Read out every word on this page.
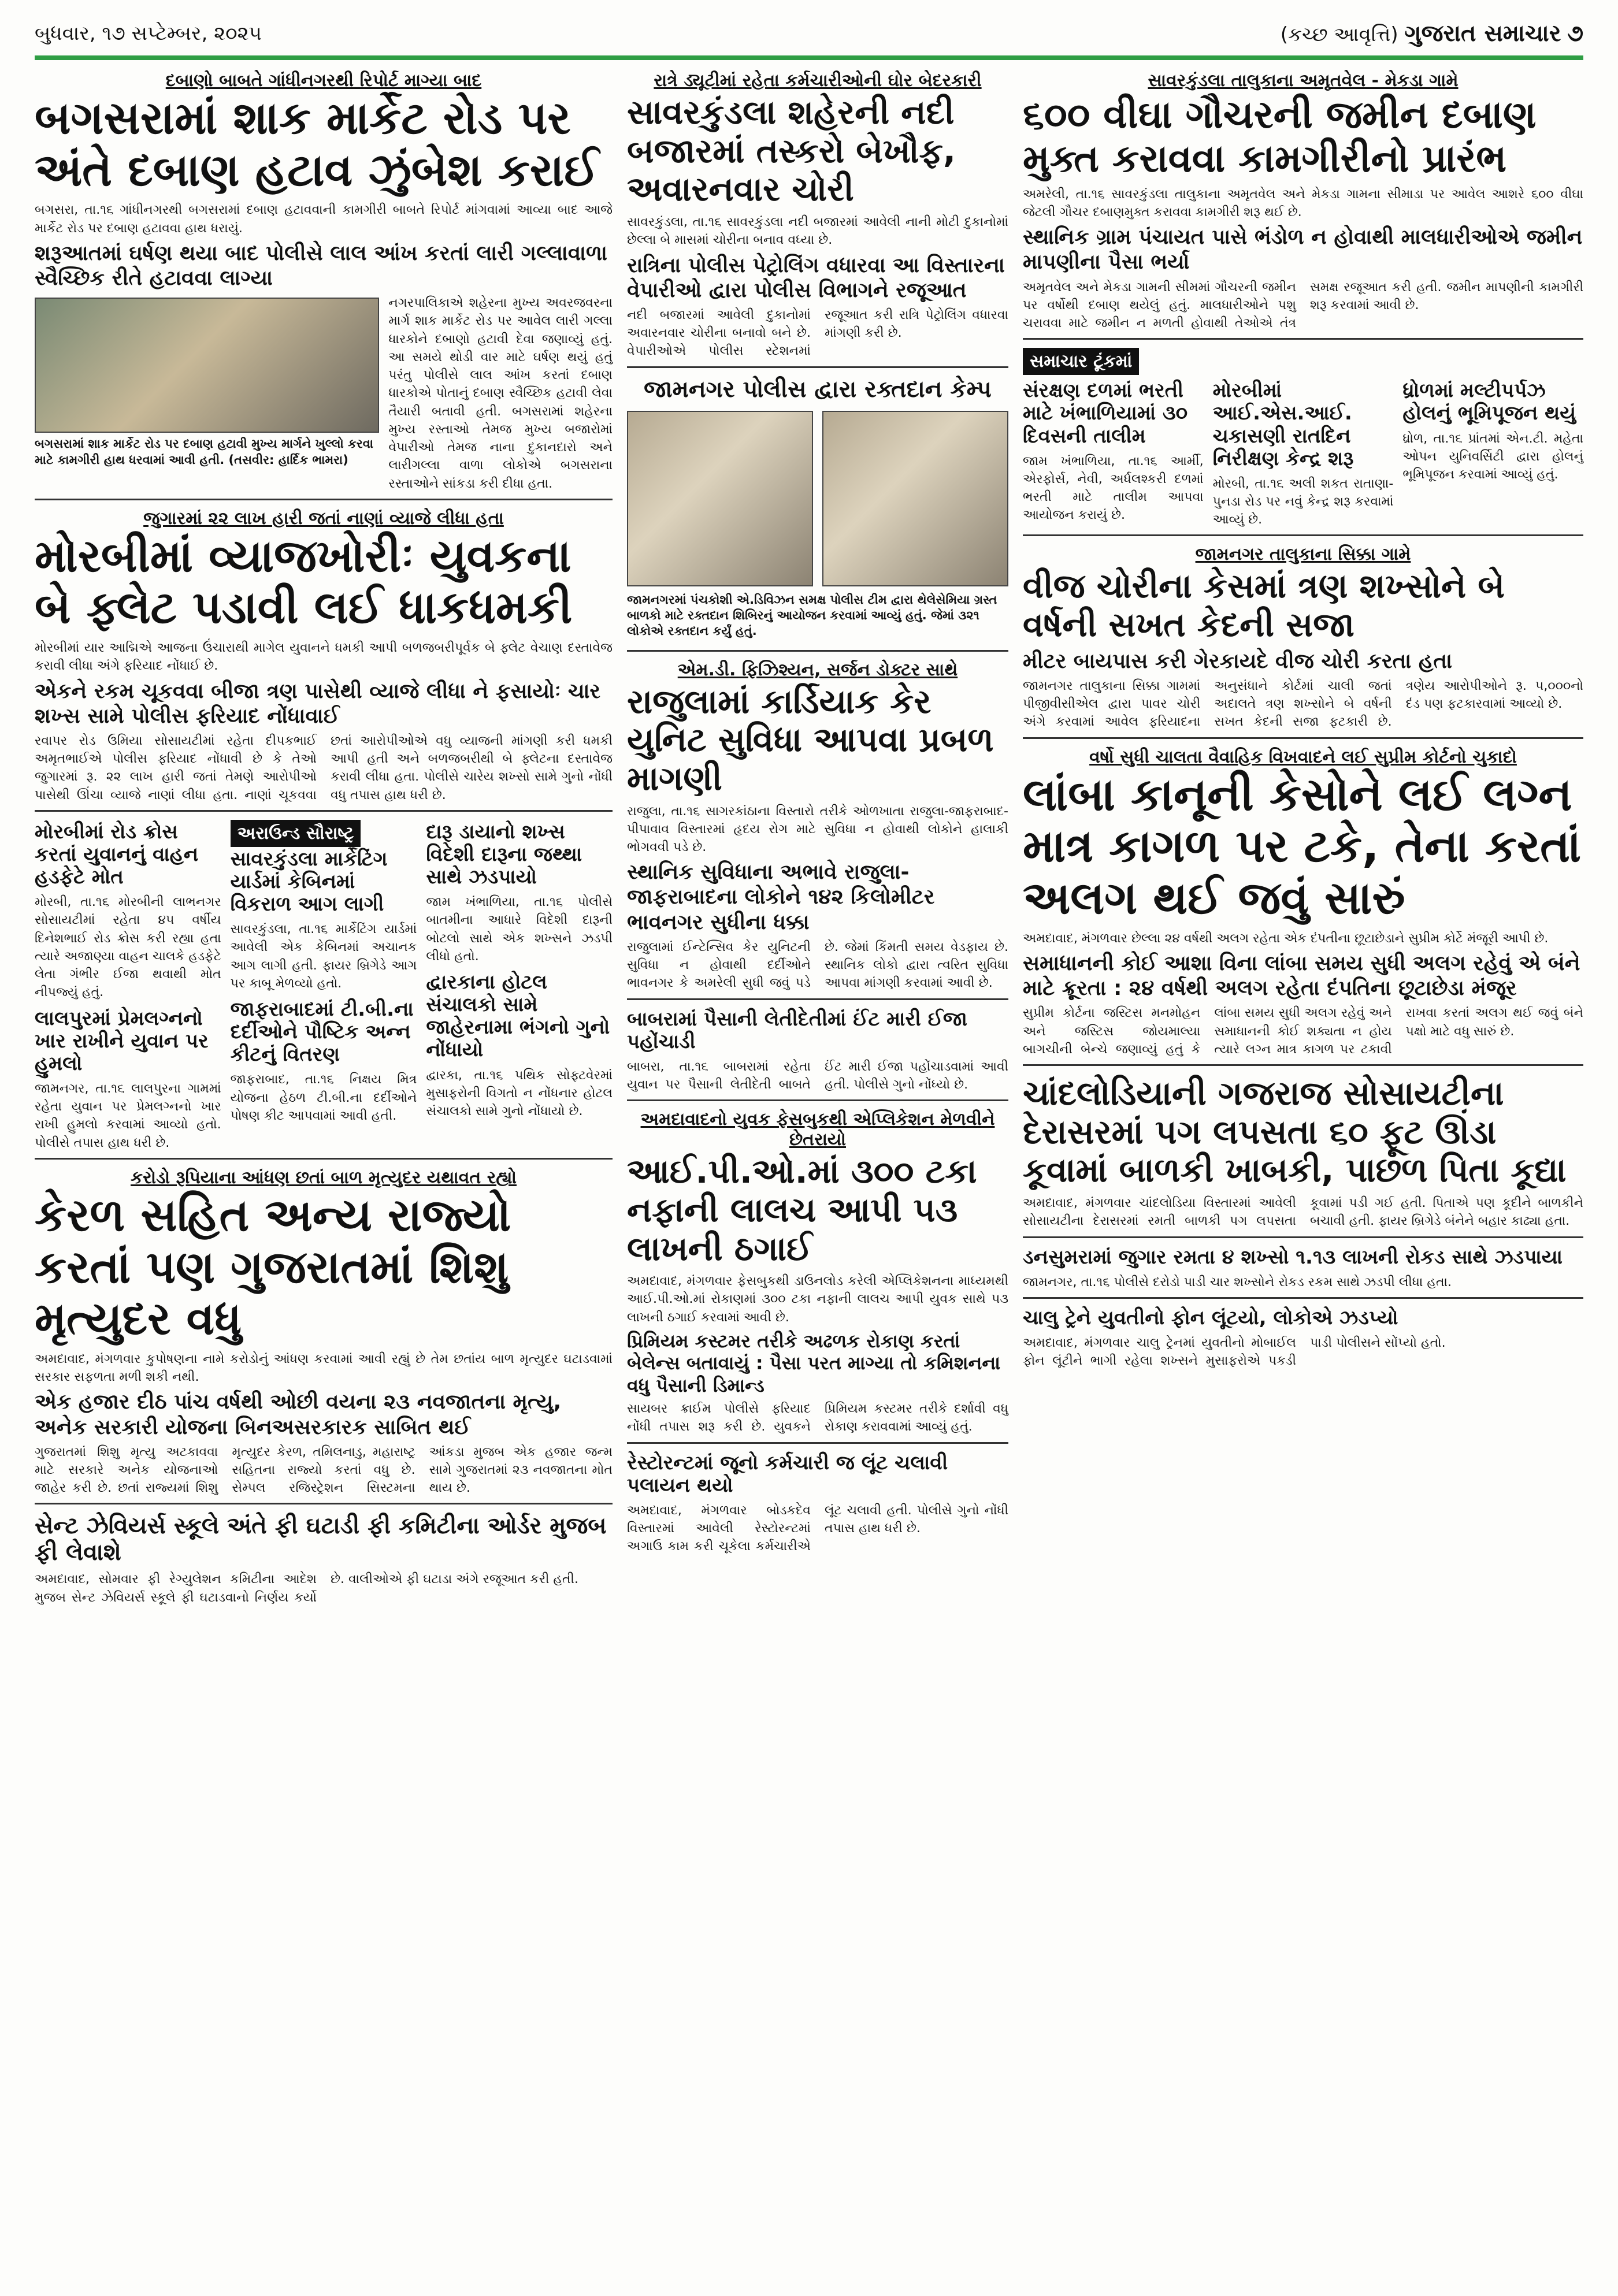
બુધવાર, ૧૭ સપ્ટેમ્બર, ૨૦૨૫	(કચ્છ આવૃત્તિ) ગુજરાત સમાચાર ૭
દબાણો બાબતે ગાંધીનગરથી રિપોર્ટ માગ્યા બાદ
બગસરામાં શાક માર્કેટ રોડ પર અંતે દબાણ હટાવ ઝુંબેશ કરાઈ
બગસરા, તા.૧૬ ગાંધીનગરથી બગસરામાં દબાણ હટાવવાની કામગીરી બાબતે રિપોર્ટ માંગવામાં આવ્યા બાદ આજે માર્કેટ રોડ પર દબાણ હટાવવા હાથ ધરાયું.
શરૂઆતમાં ઘર્ષણ થયા બાદ પોલીસે લાલ આંખ કરતાં લારી ગલ્લાવાળા સ્વૈચ્છિક રીતે હટાવવા લાગ્યા
બગસરામાં શાક માર્કેટ રોડ પર દબાણ હટાવી મુખ્ય માર્ગને ખુલ્લો કરવા માટે કામગીરી હાથ ધરવામાં આવી હતી. (તસવીર: હાર્દિક ભામરા)
નગરપાલિકાએ શહેરના મુખ્ય અવરજવરના માર્ગ શાક માર્કેટ રોડ પર આવેલ લારી ગલ્લા ધારકોને દબાણો હટાવી દેવા જણાવ્યું હતું. આ સમયે થોડી વાર માટે ઘર્ષણ થયું હતું પરંતુ પોલીસે લાલ આંખ કરતાં દબાણ ધારકોએ પોતાનું દબાણ સ્વૈચ્છિક હટાવી લેવા તૈયારી બતાવી હતી. બગસરામાં શહેરના મુખ્ય રસ્તાઓ તેમજ મુખ્ય બજારોમાં વેપારીઓ તેમજ નાના દુકાનદારો અને લારીગલ્લા વાળા લોકોએ બગસરાના રસ્તાઓને સાંકડા કરી દીધા હતા.
જુગારમાં ૨૨ લાખ હારી જતાં નાણાં વ્યાજે લીધા હતા
મોરબીમાં વ્યાજખોરીઃ યુવકના બે ફ્લેટ પડાવી લઈ ધાકધમકી
મોરબીમાં યાર આદ્મિએ આજના ઉંચારાથી માગેલ યુવાનને ધમકી આપી બળજબરીપૂર્વક બે ફ્લેટ વેચાણ દસ્તાવેજ કરાવી લીધા અંગે ફરિયાદ નોંધાઈ છે.
એકને રકમ ચૂકવવા બીજા ત્રણ પાસેથી વ્યાજે લીધા ને ફસાયોઃ ચાર શખ્સ સામે પોલીસ ફરિયાદ નોંધાવાઈ
રવાપર રોડ ઉમિયા સોસાયટીમાં રહેતા દીપકભાઈ અમૃતભાઈએ પોલીસ ફરિયાદ નોંધાવી છે કે તેઓ જુગારમાં રૂ. ૨૨ લાખ હારી જતાં તેમણે આરોપીઓ પાસેથી ઊંચા વ્યાજે નાણાં લીધા હતા. નાણાં ચૂકવવા છતાં આરોપીઓએ વધુ વ્યાજની માંગણી કરી ધમકી આપી હતી અને બળજબરીથી બે ફ્લેટના દસ્તાવેજ કરાવી લીધા હતા. પોલીસે ચારેય શખ્સો સામે ગુનો નોંધી વધુ તપાસ હાથ ધરી છે.
મોરબીમાં રોડ ક્રોસ કરતાં યુવાનનું વાહન હડફેટે મોત
મોરબી, તા.૧૬ મોરબીની લાભનગર સોસાયટીમાં રહેતા ૪૫ વર્ષીય દિનેશભાઈ રોડ ક્રોસ કરી રહ્યા હતા ત્યારે અજાણ્યા વાહન ચાલકે હડફેટે લેતા ગંભીર ઈજા થવાથી મોત નીપજ્યું હતું.
લાલપુરમાં પ્રેમલગ્નનો ખાર રાખીને યુવાન પર હુમલો
જામનગર, તા.૧૬ લાલપુરના ગામમાં રહેતા યુવાન પર પ્રેમલગ્નનો ખાર રાખી હુમલો કરવામાં આવ્યો હતો. પોલીસે તપાસ હાથ ધરી છે.
અરાઉન્ડ સૌરાષ્ટ્ર
સાવરકુંડલા માર્કેટિંગ યાર્ડમાં કેબિનમાં વિકરાળ આગ લાગી
સાવરકુંડલા, તા.૧૬ માર્કેટિંગ યાર્ડમાં આવેલી એક કેબિનમાં અચાનક આગ લાગી હતી. ફાયર બ્રિગેડે આગ પર કાબૂ મેળવ્યો હતો.
જાફરાબાદમાં ટી.બી.ના દર્દીઓને પૌષ્ટિક અન્ન કીટનું વિતરણ
જાફરાબાદ, તા.૧૬ નિક્ષય મિત્ર યોજના હેઠળ ટી.બી.ના દર્દીઓને પોષણ કીટ આપવામાં આવી હતી.
દારૂ ડાયાનો શખ્સ વિદેશી દારૂના જથ્થા સાથે ઝડપાયો
જામ ખંભાળિયા, તા.૧૬ પોલીસે બાતમીના આધારે વિદેશી દારૂની બોટલો સાથે એક શખ્સને ઝડપી લીધો હતો.
દ્વારકાના હોટલ સંચાલકો સામે જાહેરનામા ભંગનો ગુનો નોંધાયો
દ્વારકા, તા.૧૬ પથિક સોફ્ટવેરમાં મુસાફરોની વિગતો ન નોંધનાર હોટલ સંચાલકો સામે ગુનો નોંધાયો છે.
કરોડો રૂપિયાના આંધણ છતાં બાળ મૃત્યુદર યથાવત રહ્યો
કેરળ સહિત અન્ય રાજ્યો કરતાં પણ ગુજરાતમાં શિશુ મૃત્યુદર વધુ
અમદાવાદ, મંગળવાર કુપોષણના નામે કરોડોનું આંધણ કરવામાં આવી રહ્યું છે તેમ છતાંય બાળ મૃત્યુદર ઘટાડવામાં સરકાર સફળતા મળી શકી નથી.
એક હજાર દીઠ પાંચ વર્ષથી ઓછી વયના ૨૩ નવજાતના મૃત્યુ, અનેક સરકારી યોજના બિનઅસરકારક સાબિત થઈ
ગુજરાતમાં શિશુ મૃત્યુ અટકાવવા માટે સરકારે અનેક યોજનાઓ જાહેર કરી છે. છતાં રાજ્યમાં શિશુ મૃત્યુદર કેરળ, તમિલનાડુ, મહારાષ્ટ્ર સહિતના રાજ્યો કરતાં વધુ છે. સેમ્પલ રજિસ્ટ્રેશન સિસ્ટમના આંકડા મુજબ એક હજાર જન્મ સામે ગુજરાતમાં ૨૩ નવજાતના મોત થાય છે.
સેન્ટ ઝેવિયર્સ સ્કૂલે અંતે ફી ઘટાડી ફી કમિટીના ઓર્ડર મુજબ ફી લેવાશે
અમદાવાદ, સોમવાર ફી રેગ્યુલેશન કમિટીના આદેશ મુજબ સેન્ટ ઝેવિયર્સ સ્કૂલે ફી ઘટાડવાનો નિર્ણય કર્યો છે. વાલીઓએ ફી ઘટાડા અંગે રજૂઆત કરી હતી.
રાત્રે ડ્યૂટીમાં રહેતા કર્મચારીઓની ઘોર બેદરકારી
સાવરકુંડલા શહેરની નદી બજારમાં તસ્કરો બેખૌફ, અવારનવાર ચોરી
સાવરકુંડલા, તા.૧૬ સાવરકુંડલા નદી બજારમાં આવેલી નાની મોટી દુકાનોમાં છેલ્લા બે માસમાં ચોરીના બનાવ વધ્યા છે.
રાત્રિના પોલીસ પેટ્રોલિંગ વધારવા આ વિસ્તારના વેપારીઓ દ્વારા પોલીસ વિભાગને રજૂઆત
નદી બજારમાં આવેલી દુકાનોમાં અવારનવાર ચોરીના બનાવો બને છે. વેપારીઓએ પોલીસ સ્ટેશનમાં રજૂઆત કરી રાત્રિ પેટ્રોલિંગ વધારવા માંગણી કરી છે.
જામનગર પોલીસ દ્વારા રક્તદાન કેમ્પ
જામનગરમાં પંચકોશી એ.ડિવિઝન સમક્ષ પોલીસ ટીમ દ્વારા થેલેસેમિયા ગ્રસ્ત બાળકો માટે રક્તદાન શિબિરનું આયોજન કરવામાં આવ્યું હતું. જેમાં ૩૨૧ લોકોએ રક્તદાન કર્યું હતું.
એમ.ડી. ફિઝિશ્યન, સર્જન ડોક્ટર સાથે
રાજુલામાં કાર્ડિયાક કેર યુનિટ સુવિધા આપવા પ્રબળ માગણી
રાજુલા, તા.૧૬ સાગરકાંઠાના વિસ્તારો તરીકે ઓળખાતા રાજુલા-જાફરાબાદ-પીપાવાવ વિસ્તારમાં હૃદય રોગ માટે સુવિધા ન હોવાથી લોકોને હાલાકી ભોગવવી પડે છે.
સ્થાનિક સુવિધાના અભાવે રાજુલા-જાફરાબાદના લોકોને ૧૪૨ કિલોમીટર ભાવનગર સુધીના ધક્કા
રાજુલામાં ઈન્ટેન્સિવ કેર યુનિટની સુવિધા ન હોવાથી દર્દીઓને ભાવનગર કે અમરેલી સુધી જવું પડે છે. જેમાં કિંમતી સમય વેડફાય છે. સ્થાનિક લોકો દ્વારા ત્વરિત સુવિધા આપવા માંગણી કરવામાં આવી છે.
બાબરામાં પૈસાની લેતીદેતીમાં ઈંટ મારી ઈજા પહોંચાડી
બાબરા, તા.૧૬ બાબરામાં રહેતા યુવાન પર પૈસાની લેતીદેતી બાબતે ઈંટ મારી ઈજા પહોંચાડવામાં આવી હતી. પોલીસે ગુનો નોંધ્યો છે.
અમદાવાદનો યુવક ફેસબુકથી એપ્લિકેશન મેળવીને છેતરાયો
આઈ.પી.ઓ.માં ૩૦૦ ટકા નફાની લાલચ આપી ૫૩ લાખની ઠગાઈ
અમદાવાદ, મંગળવાર ફેસબુકથી ડાઉનલોડ કરેલી એપ્લિકેશનના માધ્યમથી આઈ.પી.ઓ.માં રોકાણમાં ૩૦૦ ટકા નફાની લાલચ આપી યુવક સાથે ૫૩ લાખની ઠગાઈ કરવામાં આવી છે.
પ્રિમિયમ કસ્ટમર તરીકે અઢળક રોકાણ કરતાં બેલેન્સ બતાવાયું : પૈસા પરત માગ્યા તો કમિશનના વધુ પૈસાની ડિમાન્ડ
સાયબર ક્રાઈમ પોલીસે ફરિયાદ નોંધી તપાસ શરૂ કરી છે. યુવકને પ્રિમિયમ કસ્ટમર તરીકે દર્શાવી વધુ રોકાણ કરાવવામાં આવ્યું હતું.
રેસ્ટોરન્ટમાં જૂનો કર્મચારી જ લૂંટ ચલાવી પલાયન થયો
અમદાવાદ, મંગળવાર બોડકદેવ વિસ્તારમાં આવેલી રેસ્ટોરન્ટમાં અગાઉ કામ કરી ચૂકેલા કર્મચારીએ લૂંટ ચલાવી હતી. પોલીસે ગુનો નોંધી તપાસ હાથ ધરી છે.
સાવરકુંડલા તાલુકાના અમૃતવેલ - મેકડા ગામે
૬૦૦ વીઘા ગૌચરની જમીન દબાણ મુક્ત કરાવવા કામગીરીનો પ્રારંભ
અમરેલી, તા.૧૬ સાવરકુંડલા તાલુકાના અમૃતવેલ અને મેકડા ગામના સીમાડા પર આવેલ આશરે ૬૦૦ વીઘા જેટલી ગૌચર દબાણમુક્ત કરાવવા કામગીરી શરૂ થઈ છે.
સ્થાનિક ગ્રામ પંચાયત પાસે ભંડોળ ન હોવાથી માલધારીઓએ જમીન માપણીના પૈસા ભર્યા
અમૃતવેલ અને મેકડા ગામની સીમમાં ગૌચરની જમીન પર વર્ષોથી દબાણ થયેલું હતું. માલધારીઓને પશુ ચરાવવા માટે જમીન ન મળતી હોવાથી તેઓએ તંત્ર સમક્ષ રજૂઆત કરી હતી. જમીન માપણીની કામગીરી શરૂ કરવામાં આવી છે.
સમાચાર ટૂંકમાં
સંરક્ષણ દળમાં ભરતી માટે ખંભાળિયામાં ૩૦ દિવસની તાલીમ
જામ ખંભાળિયા, તા.૧૬ આર્મી, એરફોર્સ, નેવી, અર્ધલશ્કરી દળમાં ભરતી માટે તાલીમ આપવા આયોજન કરાયું છે.
મોરબીમાં આઈ.એસ.આઈ. ચકાસણી રાતદિન નિરીક્ષણ કેન્દ્ર શરૂ
મોરબી, તા.૧૬ અલી શકત રાતાણા-પુનડા રોડ પર નવું કેન્દ્ર શરૂ કરવામાં આવ્યું છે.
ધ્રોળમાં મલ્ટીપર્પઝ હોલનું ભૂમિપૂજન થયું
ધ્રોળ, તા.૧૬ પ્રાંતમાં એન.ટી. મહેતા ઓપન યુનિવર્સિટી દ્વારા હોલનું ભૂમિપૂજન કરવામાં આવ્યું હતું.
જામનગર તાલુકાના સિક્કા ગામે
વીજ ચોરીના કેસમાં ત્રણ શખ્સોને બે વર્ષની સખત કેદની સજા
મીટર બાયપાસ કરી ગેરકાયદે વીજ ચોરી કરતા હતા
જામનગર તાલુકાના સિક્કા ગામમાં પીજીવીસીએલ દ્વારા પાવર ચોરી અંગે કરવામાં આવેલ ફરિયાદના અનુસંધાને કોર્ટમાં ચાલી જતાં અદાલતે ત્રણ શખ્સોને બે વર્ષની સખત કેદની સજા ફટકારી છે. ત્રણેય આરોપીઓને રૂ. ૫,૦૦૦નો દંડ પણ ફટકારવામાં આવ્યો છે.
વર્ષો સુધી ચાલતા વૈવાહિક વિખવાદને લઈ સુપ્રીમ કોર્ટનો ચુકાદો
લાંબા કાનૂની કેસોને લઈ લગ્ન માત્ર કાગળ પર ટકે, તેના કરતાં અલગ થઈ જવું સારું
અમદાવાદ, મંગળવાર છેલ્લા ૨૪ વર્ષથી અલગ રહેતા એક દંપતીના છૂટાછેડાને સુપ્રીમ કોર્ટે મંજૂરી આપી છે.
સમાધાનની કોઈ આશા વિના લાંબા સમય સુધી અલગ રહેવું એ બંને માટે ક્રૂરતા : ૨૪ વર્ષથી અલગ રહેતા દંપતિના છૂટાછેડા મંજૂર
સુપ્રીમ કોર્ટના જસ્ટિસ મનમોહન અને જસ્ટિસ જોયમાલ્યા બાગચીની બેન્ચે જણાવ્યું હતું કે લાંબા સમય સુધી અલગ રહેવું અને સમાધાનની કોઈ શક્યતા ન હોય ત્યારે લગ્ન માત્ર કાગળ પર ટકાવી રાખવા કરતાં અલગ થઈ જવું બંને પક્ષો માટે વધુ સારું છે.
ચાંદલોડિયાની ગજરાજ સોસાયટીના દેરાસરમાં પગ લપસતા ૬૦ ફૂટ ઊંડા કૂવામાં બાળકી ખાબકી, પાછળ પિતા કૂદ્યા
અમદાવાદ, મંગળવાર ચાંદલોડિયા વિસ્તારમાં આવેલી સોસાયટીના દેરાસરમાં રમતી બાળકી પગ લપસતા કૂવામાં પડી ગઈ હતી. પિતાએ પણ કૂદીને બાળકીને બચાવી હતી. ફાયર બ્રિગેડે બંનેને બહાર કાઢ્યા હતા.
ડનસુમરામાં જુગાર રમતા ૪ શખ્સો ૧.૧૩ લાખની રોકડ સાથે ઝડપાયા
જામનગર, તા.૧૬ પોલીસે દરોડો પાડી ચાર શખ્સોને રોકડ રકમ સાથે ઝડપી લીધા હતા.
ચાલુ ટ્રેને યુવતીનો ફોન લૂંટયો, લોકોએ ઝડપ્યો
અમદાવાદ, મંગળવાર ચાલુ ટ્રેનમાં યુવતીનો મોબાઈલ ફોન લૂંટીને ભાગી રહેલા શખ્સને મુસાફરોએ પકડી પાડી પોલીસને સોંપ્યો હતો.
